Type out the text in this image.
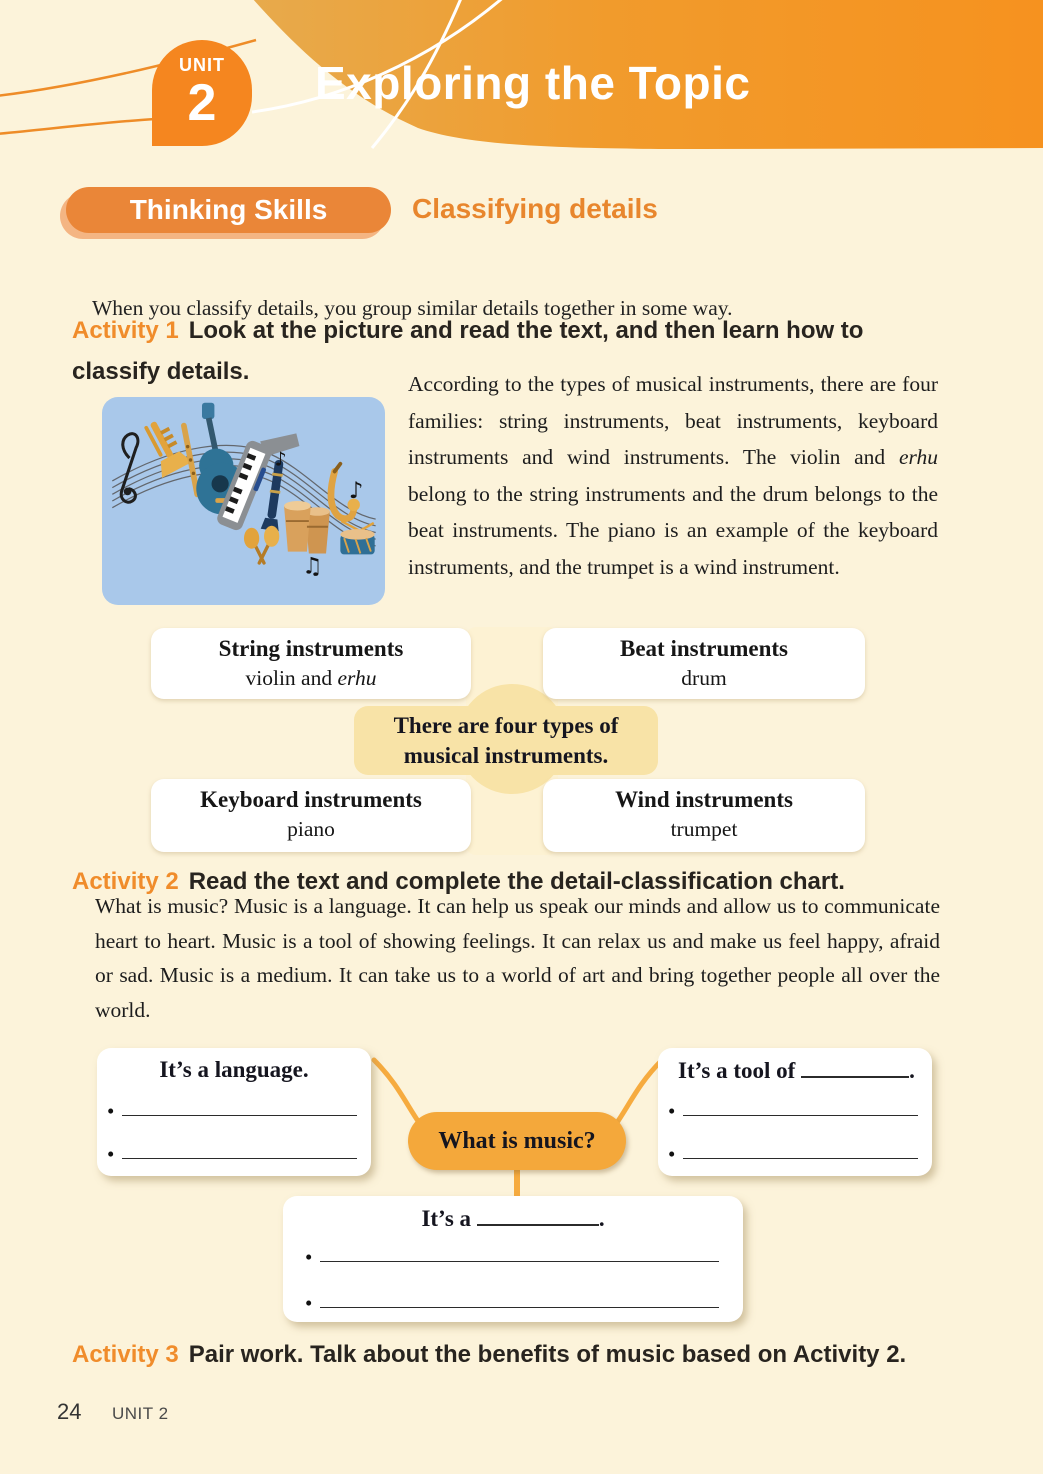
UNIT
2	Exploring the Topic
Thinking Skills	Classifying details

When you classify details, you group similar details together in some way.

Activity 1 Look at the picture and read the text, and then learn how to classify details.
♪
♪
♫

According to the types of musical instruments, there are four families: string instruments, beat instruments, keyboard instruments and wind instruments. The violin and erhu belong to the string instruments and the drum belongs to the beat instruments. The piano is an example of the keyboard instruments, and the trumpet is a wind instrument.

String instruments
violin and erhu
Beat instruments
drum
There are four types of
musical instruments.
Keyboard instruments
piano
Wind instruments
trumpet
Activity 2 Read the text and complete the detail-classification chart.

What is music? Music is a language. It can help us speak our minds and allow us to communicate heart to heart. Music is a tool of showing feelings. It can relax us and make us feel happy, afraid or sad. Music is a medium. It can take us to a world of art and bring together people all over the world.

It’s a language.
•
•
It’s a tool of	.
•
•
What is music?
It’s a	.
•
•
Activity 3 Pair work. Talk about the benefits of music based on Activity 2.
24 UNIT 2
